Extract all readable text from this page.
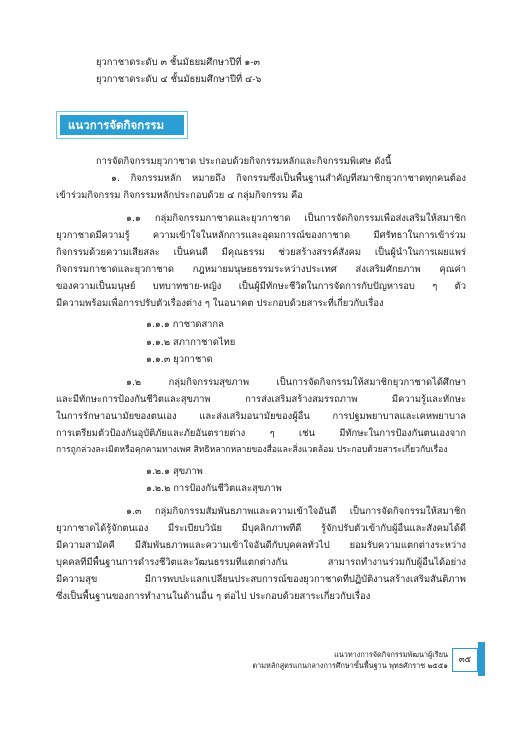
ยุวกาชาดระดับ ๓ ชั้นมัธยมศึกษาปีที่ ๑-๓
ยุวกาชาดระดับ ๔ ชั้นมัธยมศึกษาปีที่ ๔-๖
แนวการจัดกิจกรรม
การจัดกิจกรรมยุวกาชาด ประกอบด้วยกิจกรรมหลักและกิจกรรมพิเศษ ดังนี้
๑. กิจกรรมหลัก หมายถึง กิจกรรมซึ่งเป็นพื้นฐานสำคัญที่สมาชิกยุวกาชาดทุกคนต้อง
เข้าร่วมกิจกรรม กิจกรรมหลักประกอบด้วย ๔ กลุ่มกิจกรรม คือ
๑.๑ กลุ่มกิจกรรมกาชาดและยุวกาชาด เป็นการจัดกิจกรรมเพื่อส่งเสริมให้สมาชิก
ยุวกาชาดมีความรู้ ความเข้าใจในหลักการและอุดมการณ์ของกาชาด มีศรัทธาในการเข้าร่วม
กิจกรรมด้วยความเสียสละ เป็นคนดี มีคุณธรรม ช่วยสร้างสรรค์สังคม เป็นผู้นำในการเผยแพร่
กิจกรรมกาชาดและยุวกาชาด กฎหมายมนุษยธรรมระหว่างประเทศ ส่งเสริมศักยภาพ คุณค่า
ของความเป็นมนุษย์ บทบาทชาย-หญิง เป็นผู้มีทักษะชีวิตในการจัดการกับปัญหารอบ ๆ ตัว
มีความพร้อมเพื่อการปรับตัวเรื่องต่าง ๆ ในอนาคต ประกอบด้วยสาระที่เกี่ยวกับเรื่อง
๑.๑.๑ กาชาดสากล
๑.๑.๒ สภากาชาดไทย
๑.๑.๓ ยุวกาชาด
๑.๒ กลุ่มกิจกรรมสุขภาพ เป็นการจัดกิจกรรมให้สมาชิกยุวกาชาดได้ศึกษา
และมีทักษะการป้องกันชีวิตและสุขภาพ การส่งเสริมสร้างสมรรถภาพ มีความรู้และทักษะ
ในการรักษาอนามัยของตนเอง และส่งเสริมอนามัยของผู้อื่น การปฐมพยาบาลและเคหพยาบาล
การเตรียมตัวป้องกันอุบัติภัยและภัยอันตรายต่าง ๆ เช่น มีทักษะในการป้องกันตนเองจาก
การถูกล่วงละเมิดหรือคุกคามทางเพศ สิทธิหลากหลายของสื่อและสิ่งแวดล้อม ประกอบด้วยสาระเกี่ยวกับเรื่อง
๑.๒.๑ สุขภาพ
๑.๒.๒ การป้องกันชีวิตและสุขภาพ
๑.๓ กลุ่มกิจกรรมสัมพันธภาพและความเข้าใจอันดี เป็นการจัดกิจกรรมให้สมาชิก
ยุวกาชาดได้รู้จักตนเอง มีระเบียบวินัย มีบุคลิกภาพที่ดี รู้จักปรับตัวเข้ากับผู้อื่นและสังคมได้ดี
มีความสามัคคี มีสัมพันธภาพและความเข้าใจอันดีกับบุคคลทั่วไป ยอมรับความแตกต่างระหว่าง
บุคคลที่มีพื้นฐานการดำรงชีวิตและวัฒนธรรมที่แตกต่างกัน สามารถทำงานร่วมกับผู้อื่นได้อย่าง
มีความสุข มีการพบปะแลกเปลี่ยนประสบการณ์ของยุวกาชาดที่ปฏิบัติงานสร้างเสริมสันติภาพ
ซึ่งเป็นพื้นฐานของการทำงานในด้านอื่น ๆ ต่อไป ประกอบด้วยสาระเกี่ยวกับเรื่อง
แนวทางการจัดกิจกรรมพัฒนาผู้เรียน
ตามหลักสูตรแกนกลางการศึกษาขั้นพื้นฐาน พุทธศักราช ๒๕๕๑
๓๕
